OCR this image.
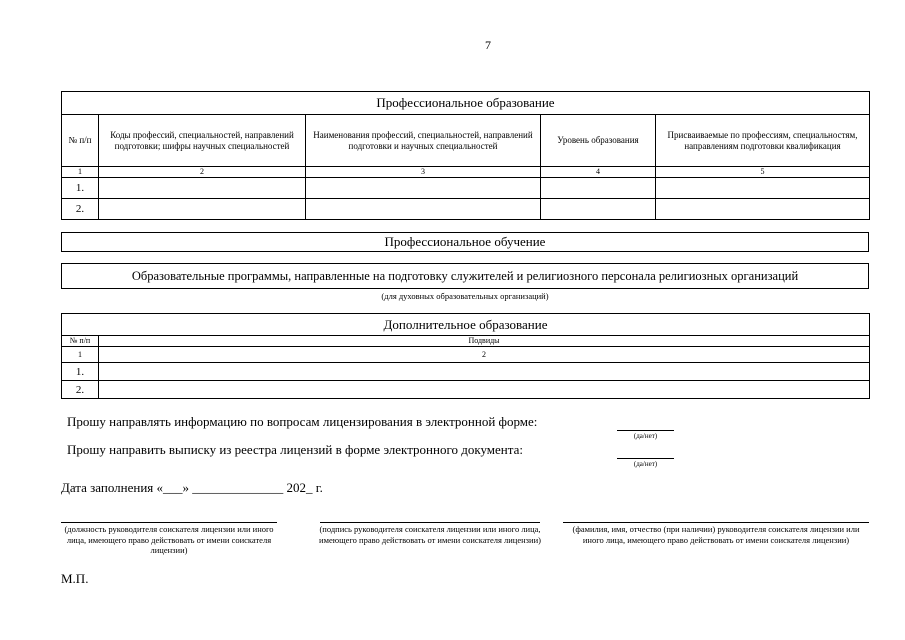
7
Профессиональное образование				
№ п/п	Коды профессий, специальностей, направлений подготовки; шифры научных специальностей	Наименования профессий, специальностей, направлений подготовки и научных специальностей	Уровень образования	Присваиваемые по профессиям, специальностям, направлениям подготовки квалификация
1	2	3	4	5
1.				
2.				
Профессиональное обучение
Образовательные программы, направленные на подготовку служителей и религиозного персонала религиозных организаций
(для духовных образовательных организаций)
Дополнительное образование	
№ п/п	Подвиды
1	2
1.	
2.	
Прошу направлять информацию по вопросам лицензирования в электронной форме:
(да/нет)
Прошу направить выписку из реестра лицензий в форме электронного документа:
(да/нет)
Дата заполнения «___» ______________ 202_ г.
(должность руководителя соискателя лицензии или иного лица, имеющего право действовать от имени соискателя лицензии)
(подпись руководителя соискателя лицензии или иного лица, имеющего право действовать от имени соискателя лицензии)
(фамилия, имя, отчество (при наличии) руководителя соискателя лицензии или иного лица, имеющего право действовать от имени соискателя лицензии)
М.П.
